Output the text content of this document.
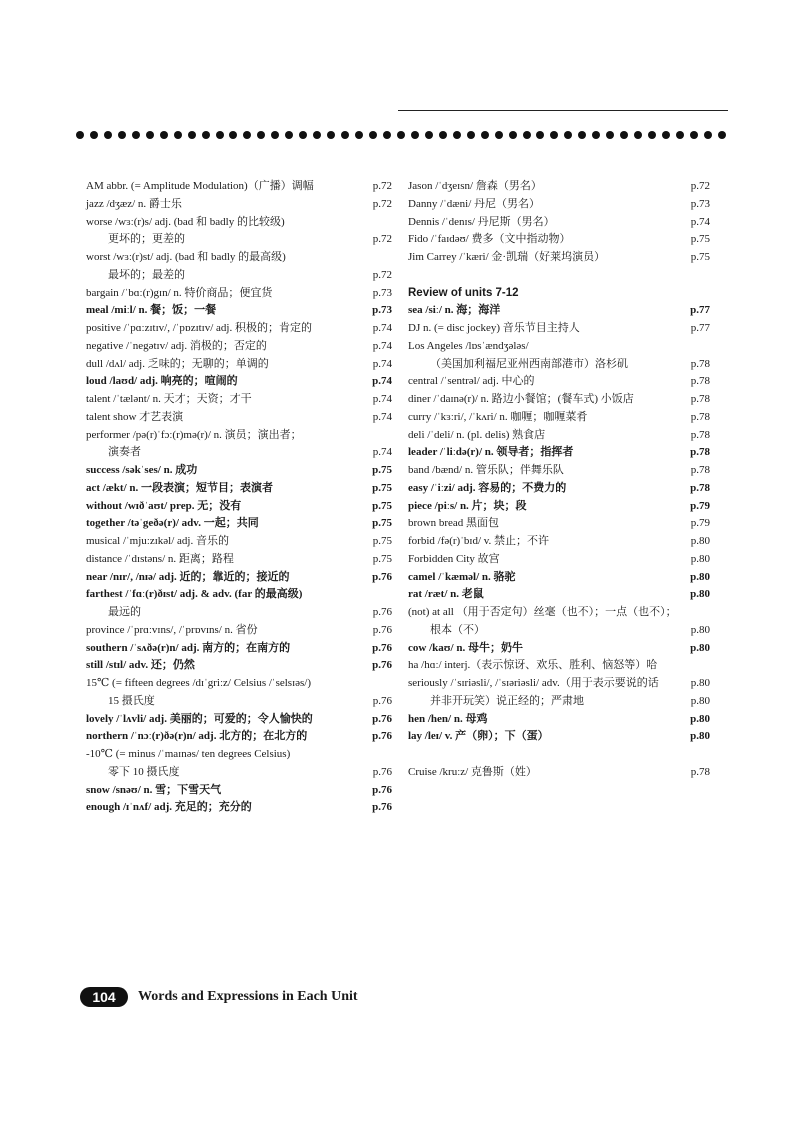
AM abbr. (= Amplitude Modulation)（广播）调幅	p.72
jazz /dʒæz/ n. 爵士乐	p.72
worse /wɜː(r)s/ adj. (bad 和 badly 的比较级)
更坏的；更差的	p.72
worst /wɜː(r)st/ adj. (bad 和 badly 的最高级)
最坏的；最差的	p.72
bargain /ˈbɑː(r)gɪn/ n. 特价商品；便宜货	p.73
meal /miːl/ n. 餐；饭；一餐	p.73
positive /ˈpɑːzɪtɪv/, /ˈpɒzɪtɪv/ adj. 积极的；肯定的	p.74
negative /ˈnegətɪv/ adj. 消极的；否定的	p.74
dull /dʌl/ adj. 乏味的；无聊的；单调的	p.74
loud /laʊd/ adj. 响亮的；喧闹的	p.74
talent /ˈtælənt/ n. 天才；天资；才干	p.74
talent show 才艺表演	p.74
performer /pə(r)ˈfɔː(r)mə(r)/ n. 演员；演出者；
演奏者	p.74
success /səkˈses/ n. 成功	p.75
act /ækt/ n. 一段表演；短节目；表演者	p.75
without /wɪðˈaʊt/ prep. 无；没有	p.75
together /təˈgeðə(r)/ adv. 一起；共同	p.75
musical /ˈmjuːzɪkəl/ adj. 音乐的	p.75
distance /ˈdɪstəns/ n. 距离；路程	p.75
near /nɪr/, /nɪə/ adj. 近的；靠近的；接近的	p.76
farthest /ˈfɑː(r)ðɪst/ adj. & adv. (far 的最高级)
最远的	p.76
province /ˈprɑːvɪns/, /ˈprɒvɪns/ n. 省份	p.76
southern /ˈsʌðə(r)n/ adj. 南方的；在南方的	p.76
still /stɪl/ adv. 还；仍然	p.76
15℃ (= fifteen degrees /dɪˈgriːz/ Celsius /ˈselsɪəs/)
15 摄氏度	p.76
lovely /ˈlʌvli/ adj. 美丽的；可爱的；令人愉快的	p.76
northern /ˈnɔː(r)ðə(r)n/ adj. 北方的；在北方的	p.76
-10℃ (= minus /ˈmaɪnəs/ ten degrees Celsius)
零下 10 摄氏度	p.76
snow /snəʊ/ n. 雪；下雪天气	p.76
enough /ɪˈnʌf/ adj. 充足的；充分的	p.76
Jason /ˈdʒeɪsn/ 詹森（男名）	p.72
Danny /ˈdæni/ 丹尼（男名）	p.73
Dennis /ˈdenɪs/ 丹尼斯（男名）	p.74
Fido /ˈfaɪdəʊ/ 费多（文中指动物）	p.75
Jim Carrey /ˈkæri/ 金·凯瑞（好莱坞演员）	p.75
Review of units 7-12
sea /siː/ n. 海；海洋	p.77
DJ n. (= disc jockey) 音乐节目主持人	p.77
Los Angeles /lɒsˈændʒələs/
（美国加利福尼亚州西南部港市）洛杉矶	p.78
central /ˈsentrəl/ adj. 中心的	p.78
diner /ˈdaɪnə(r)/ n. 路边小餐馆；(餐车式) 小饭店	p.78
curry /ˈkɜːri/, /ˈkʌri/ n. 咖喱；咖喱菜肴	p.78
deli /ˈdeli/ n. (pl. delis) 熟食店	p.78
leader /ˈliːdə(r)/ n. 领导者；指挥者	p.78
band /bænd/ n. 管乐队；伴舞乐队	p.78
easy /ˈiːzi/ adj. 容易的；不费力的	p.78
piece /piːs/ n. 片；块；段	p.79
brown bread 黑面包	p.79
forbid /fə(r)ˈbɪd/ v. 禁止；不许	p.80
Forbidden City 故宫	p.80
camel /ˈkæməl/ n. 骆驼	p.80
rat /ræt/ n. 老鼠	p.80
(not) at all （用于否定句）丝毫（也不）；一点（也不）；
根本（不）	p.80
cow /kaʊ/ n. 母牛；奶牛	p.80
ha /hɑː/ interj.（表示惊讶、欢乐、胜利、恼怒等）哈
p.80
seriously /ˈsɪriəsli/, /ˈsɪəriəsli/ adv.（用于表示要说的话
并非开玩笑）说正经的；严肃地	p.80
hen /hen/ n. 母鸡	p.80
lay /leɪ/ v. 产（卵）；下（蛋）	p.80
Cruise /kruːz/ 克鲁斯（姓）	p.78
104	Words and Expressions in Each Unit
